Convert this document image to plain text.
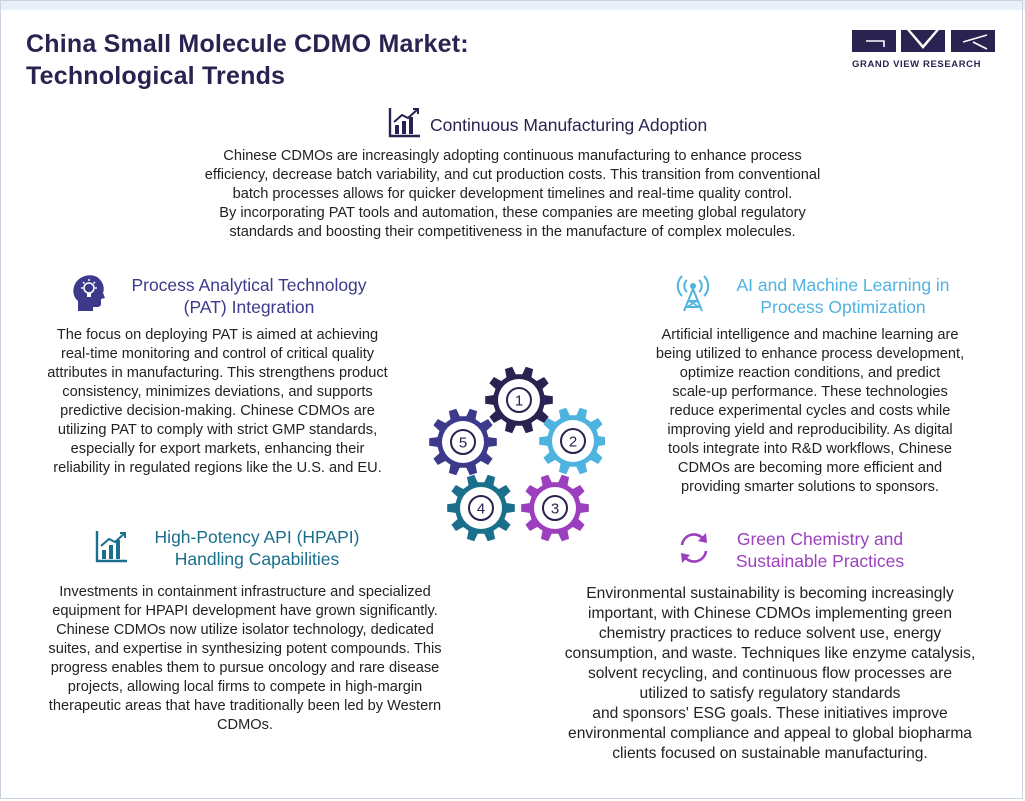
China Small Molecule CDMO Market:
Technological Trends	GRAND VIEW RESEARCH
Continuous Manufacturing Adoption

Chinese CDMOs are increasingly adopting continuous manufacturing to enhance process
efficiency, decrease batch variability, and cut production costs. This transition from conventional
batch processes allows for quicker development timelines and real-time quality control.
By incorporating PAT tools and automation, these companies are meeting global regulatory
standards and boosting their competitiveness in the manufacture of complex molecules.

Process Analytical Technology
(PAT) Integration

The focus on deploying PAT is aimed at achieving
real-time monitoring and control of critical quality
attributes in manufacturing. This strengthens product
consistency, minimizes deviations, and supports
predictive decision-making. Chinese CDMOs are
utilizing PAT to comply with strict GMP standards,
especially for export markets, enhancing their
reliability in regulated regions like the U.S. and EU.

AI and Machine Learning in
Process Optimization

Artificial intelligence and machine learning are
being utilized to enhance process development,
optimize reaction conditions, and predict
scale-up performance. These technologies
reduce experimental cycles and costs while
improving yield and reproducibility. As digital
tools integrate into R&D workflows, Chinese
CDMOs are becoming more efficient and
providing smarter solutions to sponsors.

High-Potency API (HPAPI)
Handling Capabilities

Investments in containment infrastructure and specialized
equipment for HPAPI development have grown significantly.
Chinese CDMOs now utilize isolator technology, dedicated
suites, and expertise in synthesizing potent compounds. This
progress enables them to pursue oncology and rare disease
projects, allowing local firms to compete in high-margin
therapeutic areas that have traditionally been led by Western
CDMOs.

Green Chemistry and
Sustainable Practices

Environmental sustainability is becoming increasingly
important, with Chinese CDMOs implementing green
chemistry practices to reduce solvent use, energy
consumption, and waste. Techniques like enzyme catalysis,
solvent recycling, and continuous flow processes are
utilized to satisfy regulatory standards
and sponsors' ESG goals. These initiatives improve
environmental compliance and appeal to global biopharma
clients focused on sustainable manufacturing.

1
2
3
4
5
